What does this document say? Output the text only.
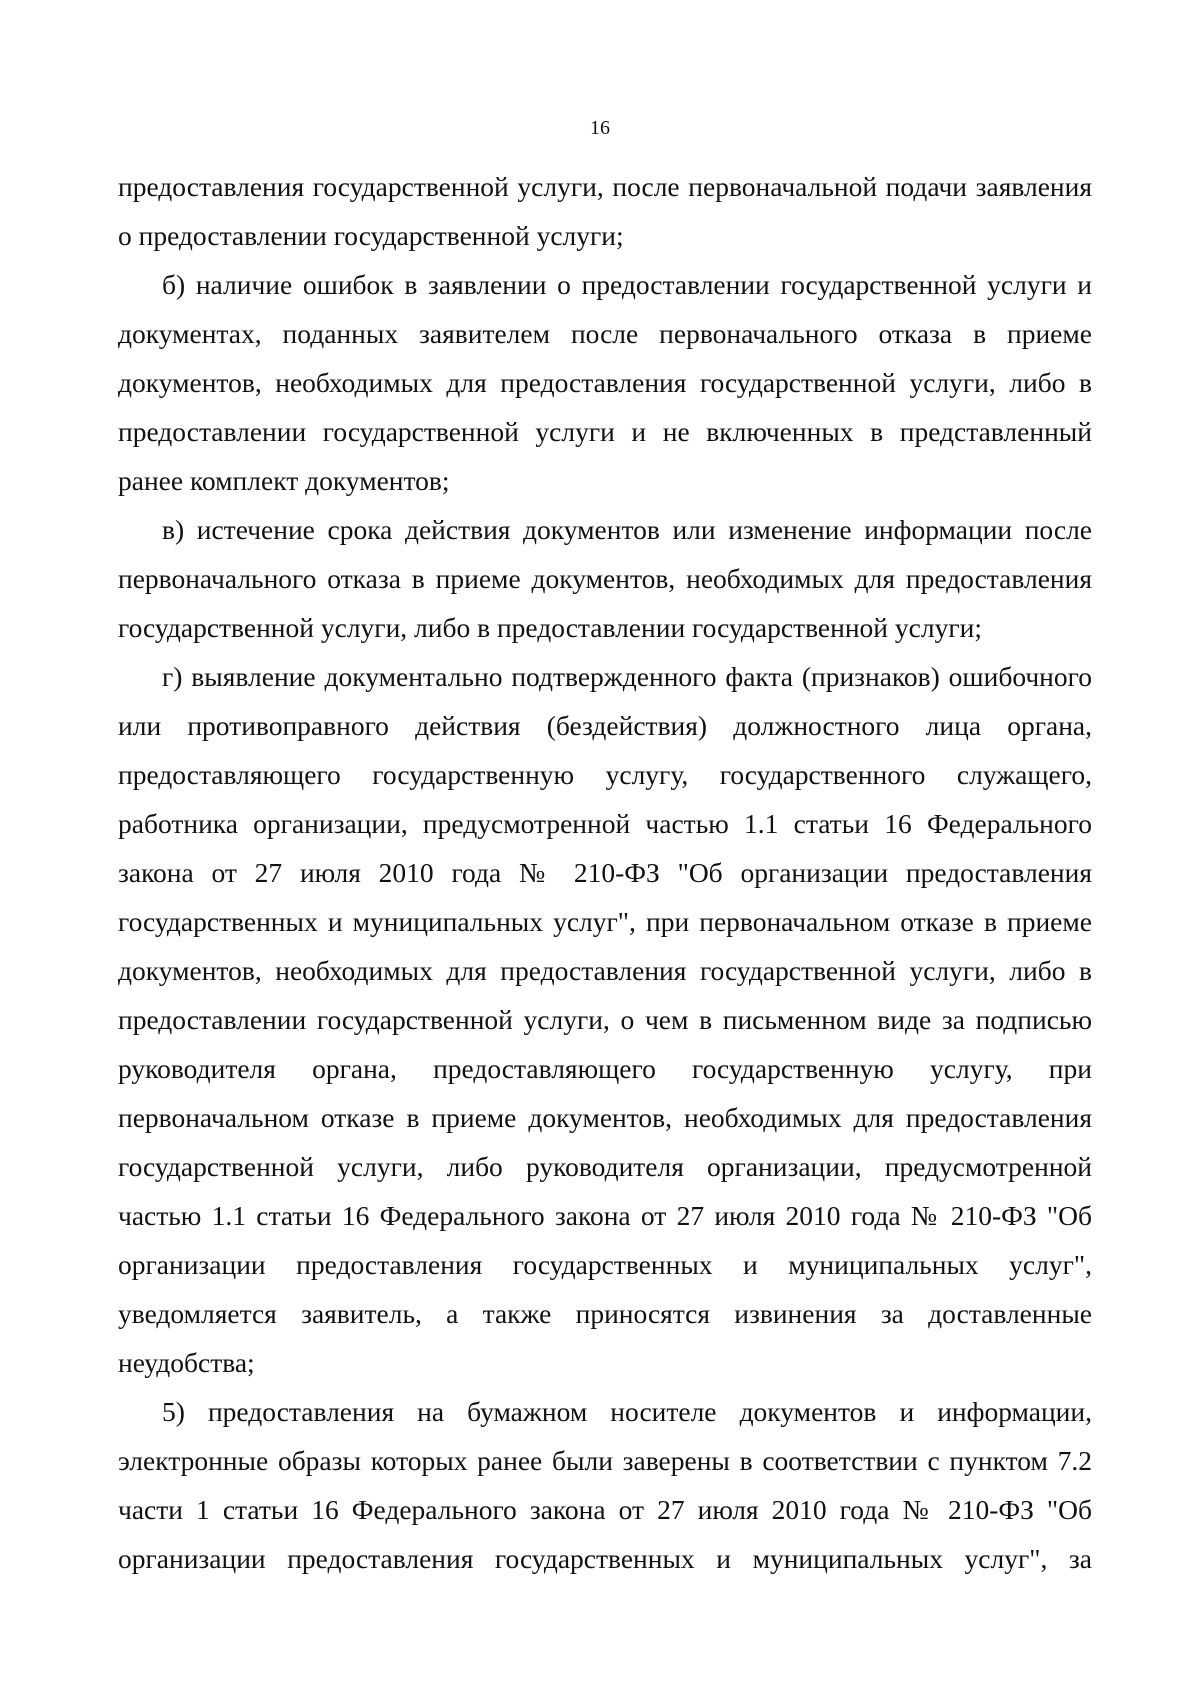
16

предоставления государственной услуги, после первоначальной подачи заявления о предоставлении государственной услуги;

б) наличие ошибок в заявлении о предоставлении государственной услуги и документах, поданных заявителем после первоначального отказа в приеме документов, необходимых для предоставления государственной услуги, либо в предоставлении государственной услуги и не включенных в представленный ранее комплект документов;

в) истечение срока действия документов или изменение информации после первоначального отказа в приеме документов, необходимых для предоставления государственной услуги, либо в предоставлении государственной услуги;

г) выявление документально подтвержденного факта (признаков) ошибочного или противоправного действия (бездействия) должностного лица органа, предоставляющего государственную услугу, государственного служащего, работника организации, предусмотренной частью 1.1 статьи 16 Федерального закона от 27 июля 2010 года № 210-ФЗ "Об организации предоставления государственных и муниципальных услуг", при первоначальном отказе в приеме документов, необходимых для предоставления государственной услуги, либо в предоставлении государственной услуги, о чем в письменном виде за подписью руководителя органа, предоставляющего государственную услугу, при первоначальном отказе в приеме документов, необходимых для предоставления государственной услуги, либо руководителя организации, предусмотренной частью 1.1 статьи 16 Федерального закона от 27 июля 2010 года № 210-ФЗ "Об организации предоставления государственных и муниципальных услуг", уведомляется заявитель, а также приносятся извинения за доставленные неудобства;

5) предоставления на бумажном носителе документов и информации, электронные образы которых ранее были заверены в соответствии с пунктом 7.2 части 1 статьи 16 Федерального закона от 27 июля 2010 года № 210-ФЗ "Об организации предоставления государственных и муниципальных услуг", за
